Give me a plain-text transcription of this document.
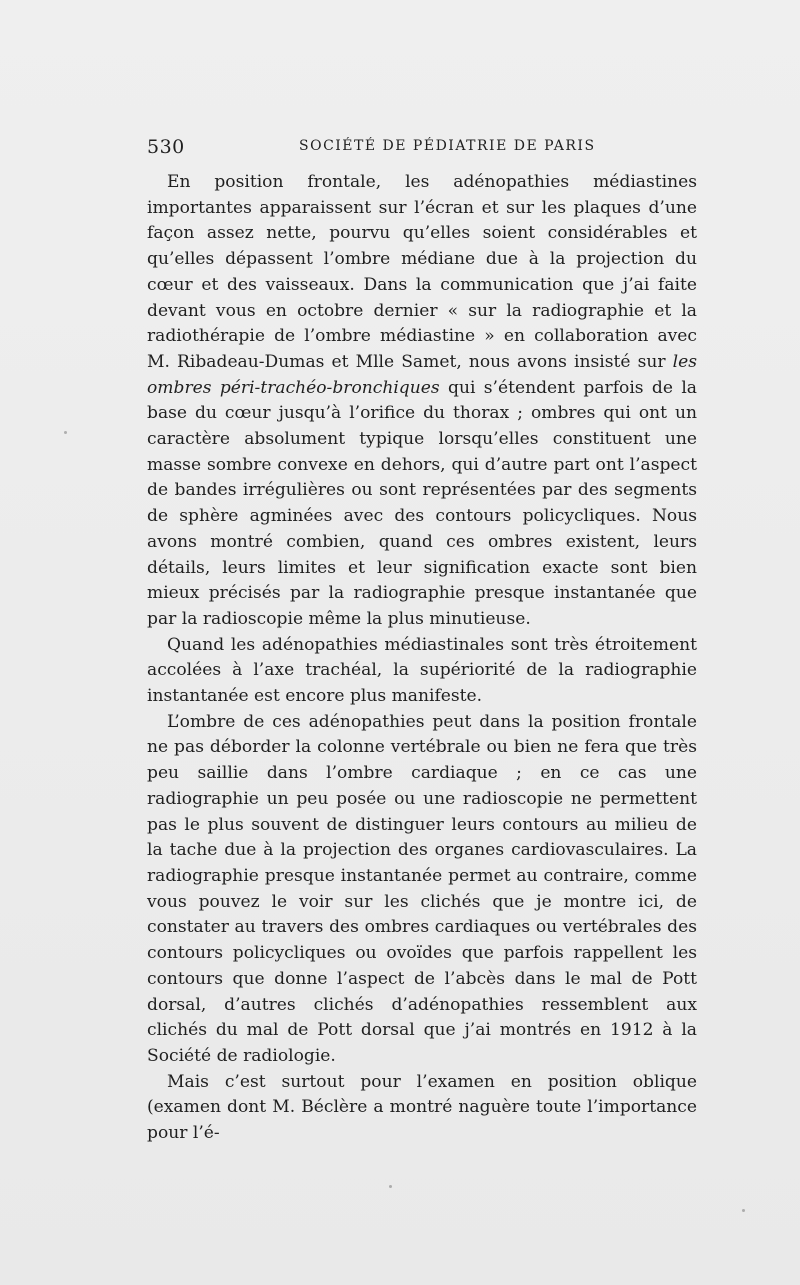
530	SOCIÉTÉ DE PÉDIATRIE DE PARIS

En position frontale, les adénopathies médiastines importantes apparaissent sur l’écran et sur les plaques d’une façon assez nette, pourvu qu’elles soient considérables et qu’elles dépassent l’ombre médiane due à la projection du cœur et des vaisseaux. Dans la communication que j’ai faite devant vous en octobre dernier « sur la radiographie et la radiothérapie de l’ombre médiastine » en collaboration avec M. Ribadeau-Dumas et Mlle Samet, nous avons insisté sur les ombres péri-trachéo-bronchiques qui s’étendent parfois de la base du cœur jusqu’à l’orifice du thorax ; ombres qui ont un caractère absolument typique lorsqu’elles constituent une masse sombre convexe en dehors, qui d’autre part ont l’aspect de bandes irrégulières ou sont représentées par des segments de sphère agminées avec des contours policycliques. Nous avons montré combien, quand ces ombres existent, leurs détails, leurs limites et leur signification exacte sont bien mieux précisés par la radiographie presque instantanée que par la radioscopie même la plus minutieuse.

Quand les adénopathies médiastinales sont très étroitement accolées à l’axe trachéal, la supériorité de la radiographie instantanée est encore plus manifeste.

L’ombre de ces adénopathies peut dans la position frontale ne pas déborder la colonne vertébrale ou bien ne fera que très peu saillie dans l’ombre cardiaque ; en ce cas une radiographie un peu posée ou une radioscopie ne permettent pas le plus souvent de distinguer leurs contours au milieu de la tache due à la projection des organes cardiovasculaires. La radiographie presque instantanée permet au contraire, comme vous pouvez le voir sur les clichés que je montre ici, de constater au travers des ombres cardiaques ou vertébrales des contours policycliques ou ovoïdes que parfois rappellent les contours que donne l’aspect de l’abcès dans le mal de Pott dorsal, d’autres clichés d’adénopathies ressemblent aux clichés du mal de Pott dorsal que j’ai montrés en 1912 à la Société de radiologie.

Mais c’est surtout pour l’examen en position oblique (examen dont M. Béclère a montré naguère toute l’importance pour l’é-
